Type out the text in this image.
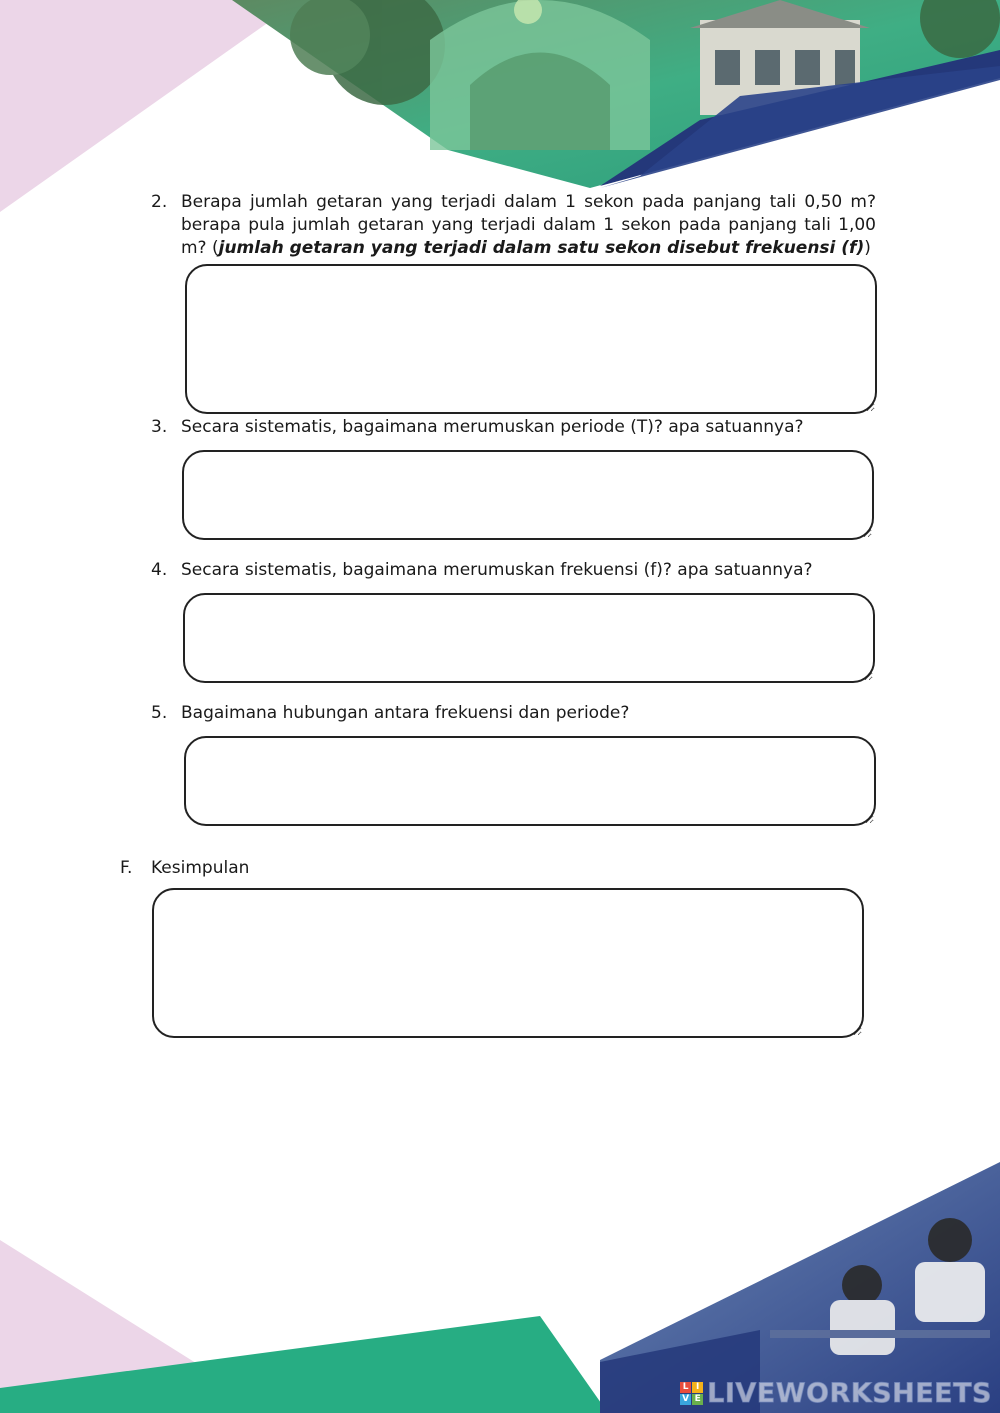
2. Berapa jumlah getaran yang terjadi dalam 1 sekon pada panjang tali 0,50 m? berapa pula jumlah getaran yang terjadi dalam 1 sekon pada panjang tali 1,00 m? (jumlah getaran yang terjadi dalam satu sekon disebut frekuensi (f))
3. Secara sistematis, bagaimana merumuskan periode (T)? apa satuannya?
4. Secara sistematis, bagaimana merumuskan frekuensi (f)? apa satuannya?
5. Bagaimana hubungan antara frekuensi dan periode?
F. Kesimpulan
L I
V E LIVEWORKSHEETS
